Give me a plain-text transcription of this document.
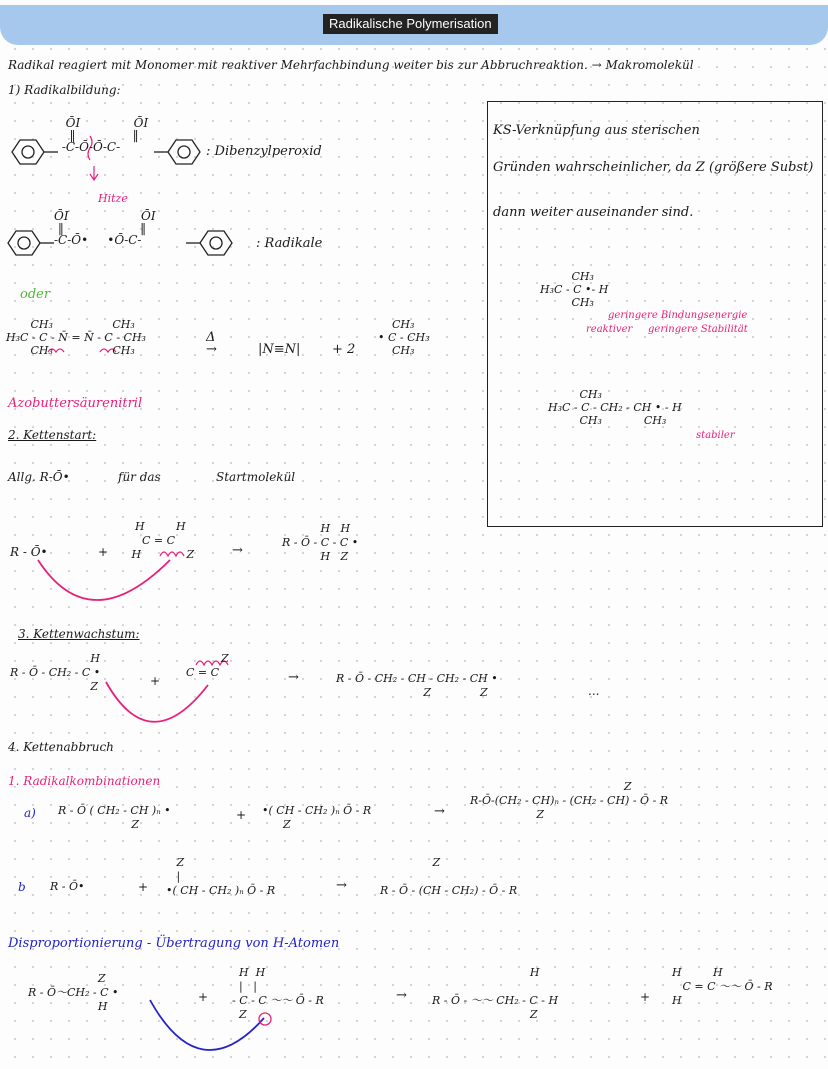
Radikalische Polymerisation
Radikal reagiert mit Monomer mit reaktiver Mehrfachbindung weiter bis zur Abbruchreaktion. → Makromolekül
1) Radikalbildung:
ŌI              ŌI
‖               ‖
-C-Ō-Ō-C-	: Dibenzylperoxid
Hitze
ŌI                   ŌI
‖                    ‖
-C-Ō•     •Ō-C-	: Radikale
oder
CH₃                 CH₃
H₃C - C - N̄ = N̄ - C - CH₃
CH₃                 CH₃
Δ
→	|N≡N| + 2
CH₃
• C - CH₃
CH₃
Azobuttersäurenitril
2. Kettenstart:
Allg. R-Ō•	für das	Startmolekül
R - Ō•	+
H         H
C = C
H             Z	→
H   H
R - Ō - C - C •
H   Z
3. Kettenwachstum:
H
R - Ō - CH₂ - C •
Z	+
Z
C = C	→	R - Ō - CH₂ - CH - CH₂ - CH •
Z              Z	...
4. Kettenabbruch
1. Radikalkombinationen
a) R - Ō ( CH₂ - CH )ₙ •
Z
+ •( CH - CH₂ )ₙ Ō - R
Z
→
Z
R-Ō-(CH₂ - CH)ₙ - (CH₂ - CH) - Ō - R
Z
b R - Ō•	+
Z
|
•( CH - CH₂ )ₙ Ō - R	→
Z

R - Ō - (CH - CH₂) - Ō - R
Disproportionierung - Übertragung von H-Atomen
Z
R - Ō〜CH₂ - C •
H
+
H  H
|   |
- C - C 〜〜 Ō - R
Z
→
H

R - Ō - 〜〜 CH₂ - C - H
Z
+
H         H
C = C 〜〜 Ō - R
H
KS-Verknüpfung aus sterischen
Gründen wahrscheinlicher, da Z (größere Subst)
dann weiter auseinander sind.
CH₃
H₃C - C •- H
CH₃
geringere Bindungsenergie
reaktiver geringere Stabilität
CH₃
H₃C - C - CH₂ - CH • - H
CH₃            CH₃
stabiler
